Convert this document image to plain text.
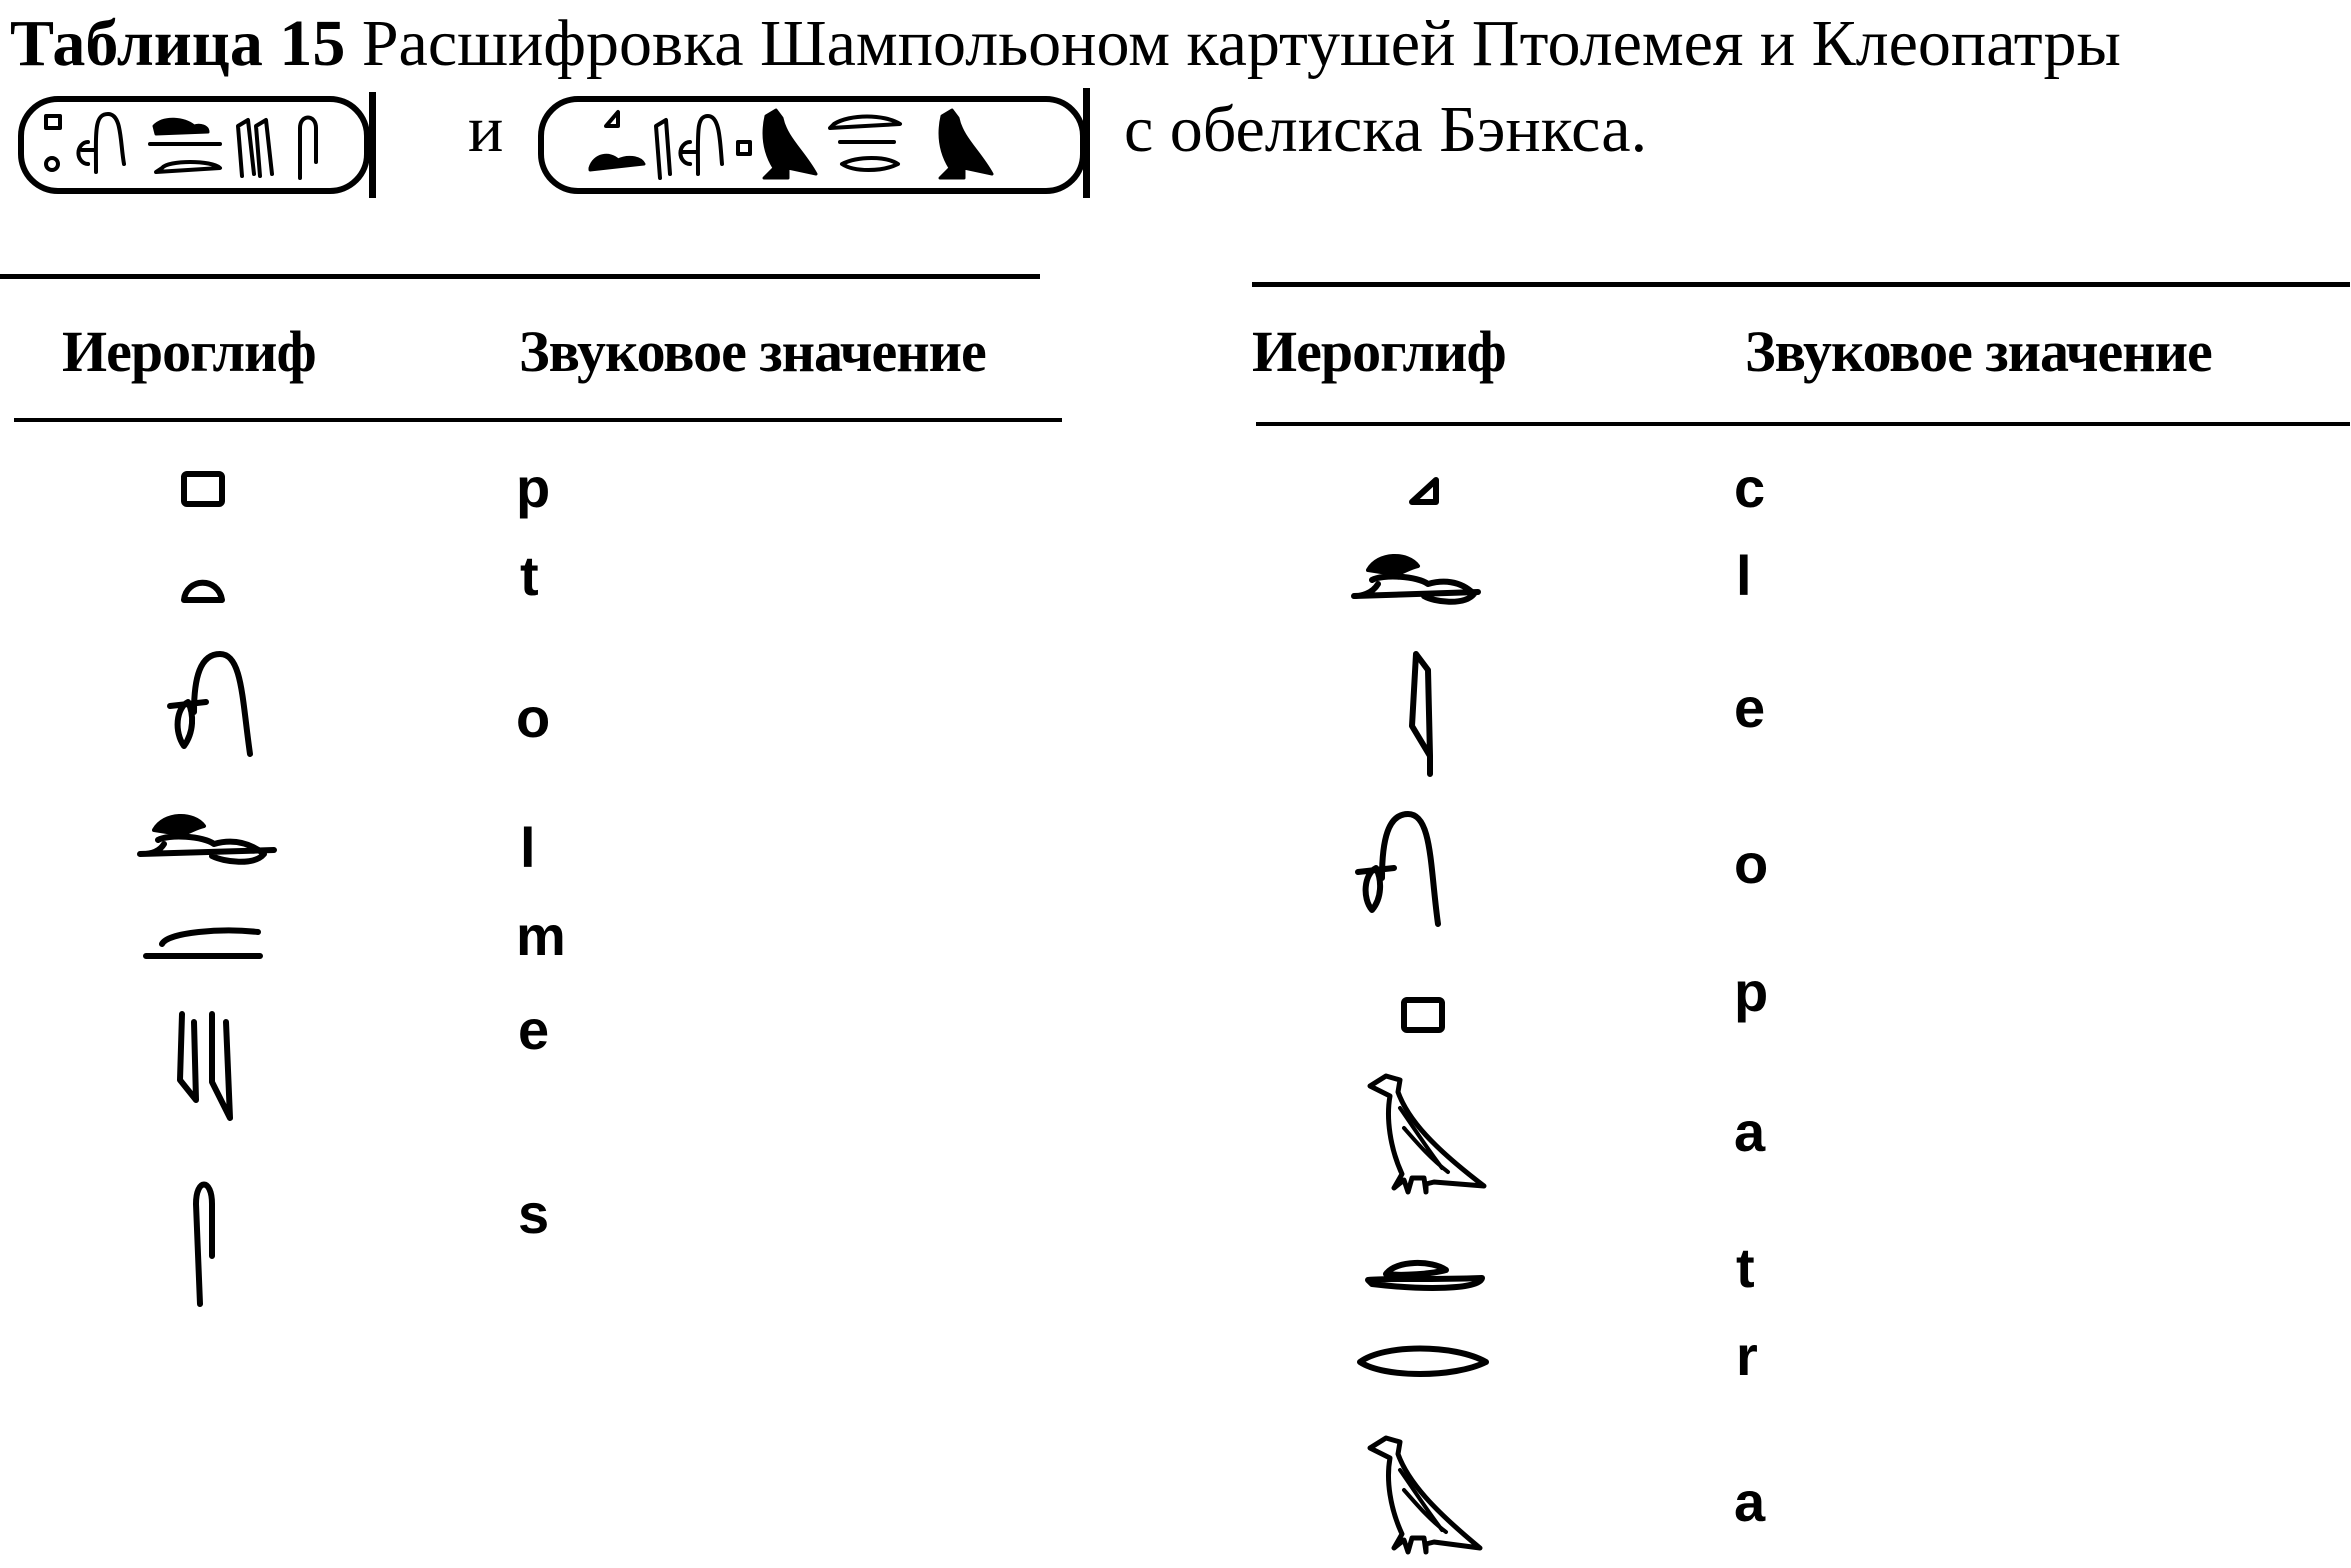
Таблица 15 Расшифровка Шампольоном картушей Птолемея и Клеопатры
и	с обелиска Бэнкса.
Иероглиф	Звуковое значение
p
t
o
l
m
e
s
Иероглиф	Звуковое зиачение
c
l
e
o
p
a
t
r
a
